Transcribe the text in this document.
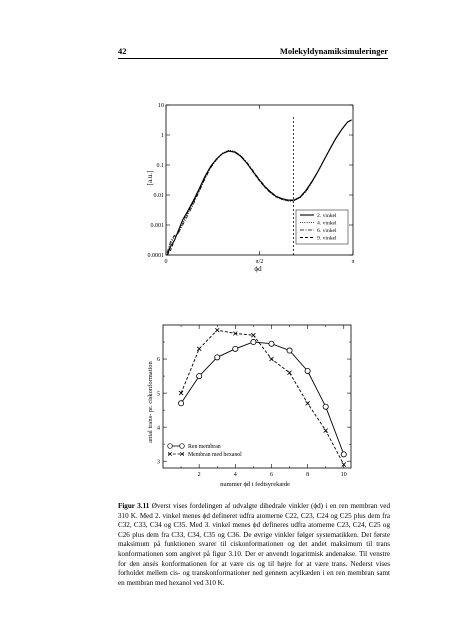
42	Molekyldynamiksimuleringer
10
1
0.1
0.01
0.001
0.0001
0	π/2	π
2. vinkel
4. vinkel
6. vinkel
9. vinkel
[a.u.]
ϕd
3
4
5
6
2	4	6	8	10
Ren membran
Membran med hexanol
antal trans- pr. ciskonformation
nummer ϕd i fedtsyrekæde
Figur 3.11 Øverst vises fordelingen af udvalgte dihedrale vinkler (ϕd) i en ren membran ved 310 K. Med 2. vinkel menes ϕd defineret udfra atomerne C22, C23, C24 og C25 plus dem fra C32, C33, C34 og C35. Med 3. vinkel menes ϕd defineres udfra atomerne C23, C24, C25 og C26 plus dem fra C33, C34, C35 og C36. De øvrige vinkler følger systematikken. Det første maksimum på funktionen svarer til ciskonformationen og det andet maksimum til trans konformationen som angivet på figur 3.10. Der er anvendt logaritmisk andenakse. Til venstre for den ansés konformationen for at være cis og til højre for at være trans. Nederst vises forholdet mellem cis- og transkonformationer ned gennem acylkæden i en ren membran samt en membran med hexanol ved 310 K.
